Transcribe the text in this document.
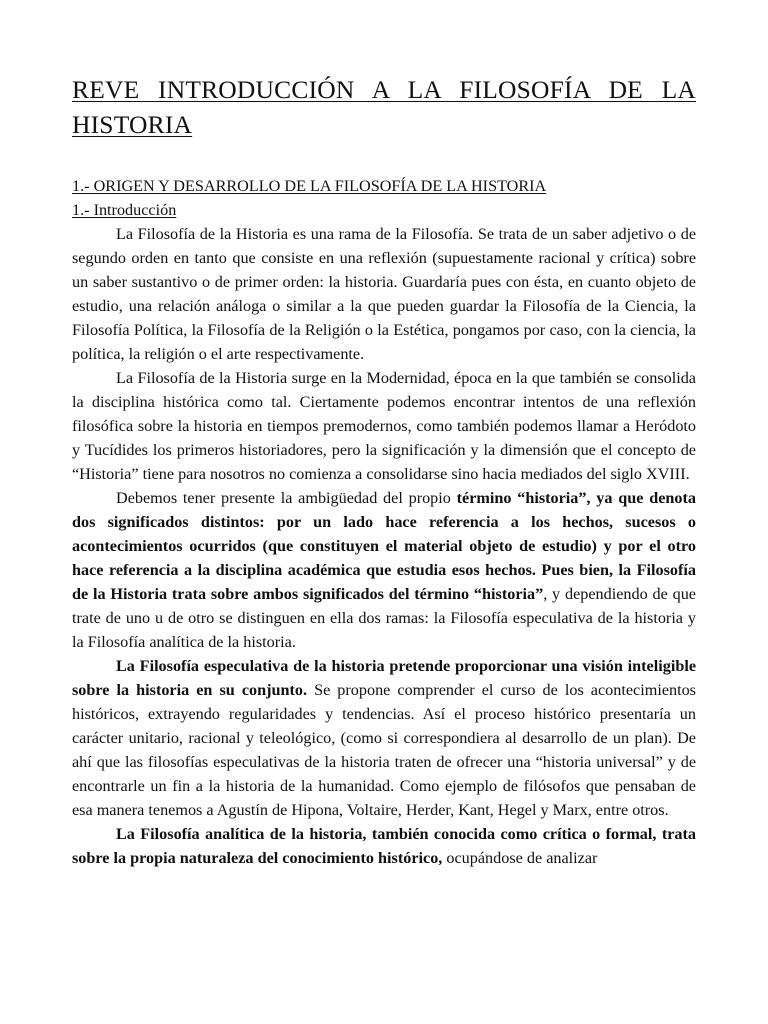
REVE INTRODUCCIÓN A LA FILOSOFÍA DE LA
HISTORIA
1.- ORIGEN Y DESARROLLO DE LA FILOSOFÍA DE LA HISTORIA
1.- Introducción

La Filosofía de la Historia es una rama de la Filosofía. Se trata de un saber adjetivo o de segundo orden en tanto que consiste en una reflexión (supuestamente racional y crítica) sobre un saber sustantivo o de primer orden: la historia. Guardaría pues con ésta, en cuanto objeto de estudio, una relación análoga o similar a la que pueden guardar la Filosofía de la Ciencia, la Filosofía Política, la Filosofía de la Religión o la Estética, pongamos por caso, con la ciencia, la política, la religión o el arte respectivamente.

La Filosofía de la Historia surge en la Modernidad, época en la que también se consolida la disciplina histórica como tal. Ciertamente podemos encontrar intentos de una reflexión filosófica sobre la historia en tiempos premodernos, como también podemos llamar a Heródoto y Tucídides los primeros historiadores, pero la significación y la dimensión que el concepto de “Historia” tiene para nosotros no comienza a consolidarse sino hacia mediados del siglo XVIII.

Debemos tener presente la ambigüedad del propio término “historia”, ya que denota dos significados distintos: por un lado hace referencia a los hechos, sucesos o acontecimientos ocurridos (que constituyen el material objeto de estudio) y por el otro hace referencia a la disciplina académica que estudia esos hechos. Pues bien, la Filosofía de la Historia trata sobre ambos significados del término “historia”, y dependiendo de que trate de uno u de otro se distinguen en ella dos ramas: la Filosofía especulativa de la historia y la Filosofía analítica de la historia.

La Filosofía especulativa de la historia pretende proporcionar una visión inteligible sobre la historia en su conjunto. Se propone comprender el curso de los acontecimientos históricos, extrayendo regularidades y tendencias. Así el proceso histórico presentaría un carácter unitario, racional y teleológico, (como si correspondiera al desarrollo de un plan). De ahí que las filosofías especulativas de la historia traten de ofrecer una “historia universal” y de encontrarle un fin a la historia de la humanidad. Como ejemplo de filósofos que pensaban de esa manera tenemos a Agustín de Hipona, Voltaire, Herder, Kant, Hegel y Marx, entre otros.

La Filosofía analítica de la historia, también conocida como crítica o formal, trata sobre la propia naturaleza del conocimiento histórico, ocupándose de analizar
